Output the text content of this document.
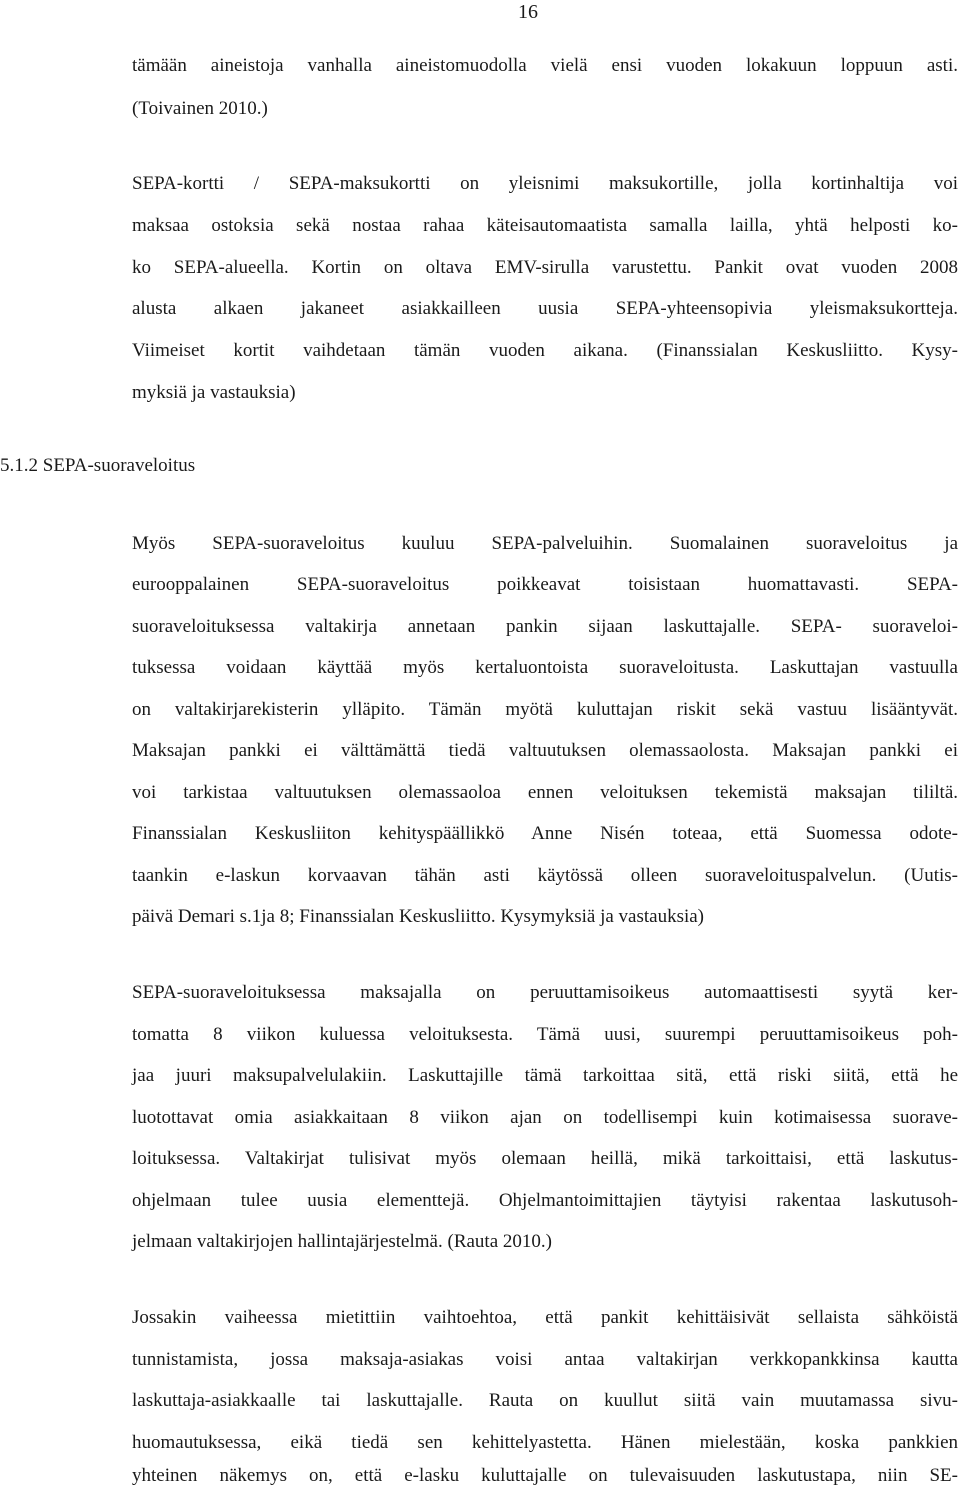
16
tämään aineistoja vanhalla aineistomuodolla vielä ensi vuoden lokakuun loppuun asti.
(Toivainen 2010.)
SEPA-kortti / SEPA-maksukortti on yleisnimi maksukortille, jolla kortinhaltija voi
maksaa ostoksia sekä nostaa rahaa käteisautomaatista samalla lailla, yhtä helposti ko-
ko SEPA-alueella. Kortin on oltava EMV-sirulla varustettu. Pankit ovat vuoden 2008
alusta alkaen jakaneet asiakkailleen uusia SEPA-yhteensopivia yleismaksukortteja.
Viimeiset kortit vaihdetaan tämän vuoden aikana. (Finanssialan Keskusliitto. Kysy-
myksiä ja vastauksia)
5.1.2 SEPA-suoraveloitus
Myös SEPA-suoraveloitus kuuluu SEPA-palveluihin. Suomalainen suoraveloitus ja
eurooppalainen SEPA-suoraveloitus poikkeavat toisistaan huomattavasti. SEPA-
suoraveloituksessa valtakirja annetaan pankin sijaan laskuttajalle. SEPA- suoraveloi-
tuksessa voidaan käyttää myös kertaluontoista suoraveloitusta. Laskuttajan vastuulla
on valtakirjarekisterin ylläpito. Tämän myötä kuluttajan riskit sekä vastuu lisääntyvät.
Maksajan pankki ei välttämättä tiedä valtuutuksen olemassaolosta. Maksajan pankki ei
voi tarkistaa valtuutuksen olemassaoloa ennen veloituksen tekemistä maksajan tililtä.
Finanssialan Keskusliiton kehityspäällikkö Anne Nisén toteaa, että Suomessa odote-
taankin e-laskun korvaavan tähän asti käytössä olleen suoraveloituspalvelun. (Uutis-
päivä Demari s.1ja 8; Finanssialan Keskusliitto. Kysymyksiä ja vastauksia)
SEPA-suoraveloituksessa maksajalla on peruuttamisoikeus automaattisesti syytä ker-
tomatta 8 viikon kuluessa veloituksesta. Tämä uusi, suurempi peruuttamisoikeus poh-
jaa juuri maksupalvelulakiin. Laskuttajille tämä tarkoittaa sitä, että riski siitä, että he
luotottavat omia asiakkaitaan 8 viikon ajan on todellisempi kuin kotimaisessa suorave-
loituksessa. Valtakirjat tulisivat myös olemaan heillä, mikä tarkoittaisi, että laskutus-
ohjelmaan tulee uusia elementtejä. Ohjelmantoimittajien täytyisi rakentaa laskutusoh-
jelmaan valtakirjojen hallintajärjestelmä. (Rauta 2010.)
Jossakin vaiheessa mietittiin vaihtoehtoa, että pankit kehittäisivät sellaista sähköistä
tunnistamista, jossa maksaja-asiakas voisi antaa valtakirjan verkkopankkinsa kautta
laskuttaja-asiakkaalle tai laskuttajalle. Rauta on kuullut siitä vain muutamassa sivu-
huomautuksessa, eikä tiedä sen kehittelyastetta. Hänen mielestään, koska pankkien
yhteinen näkemys on, että e-lasku kuluttajalle on tulevaisuuden laskutustapa, niin SE-
